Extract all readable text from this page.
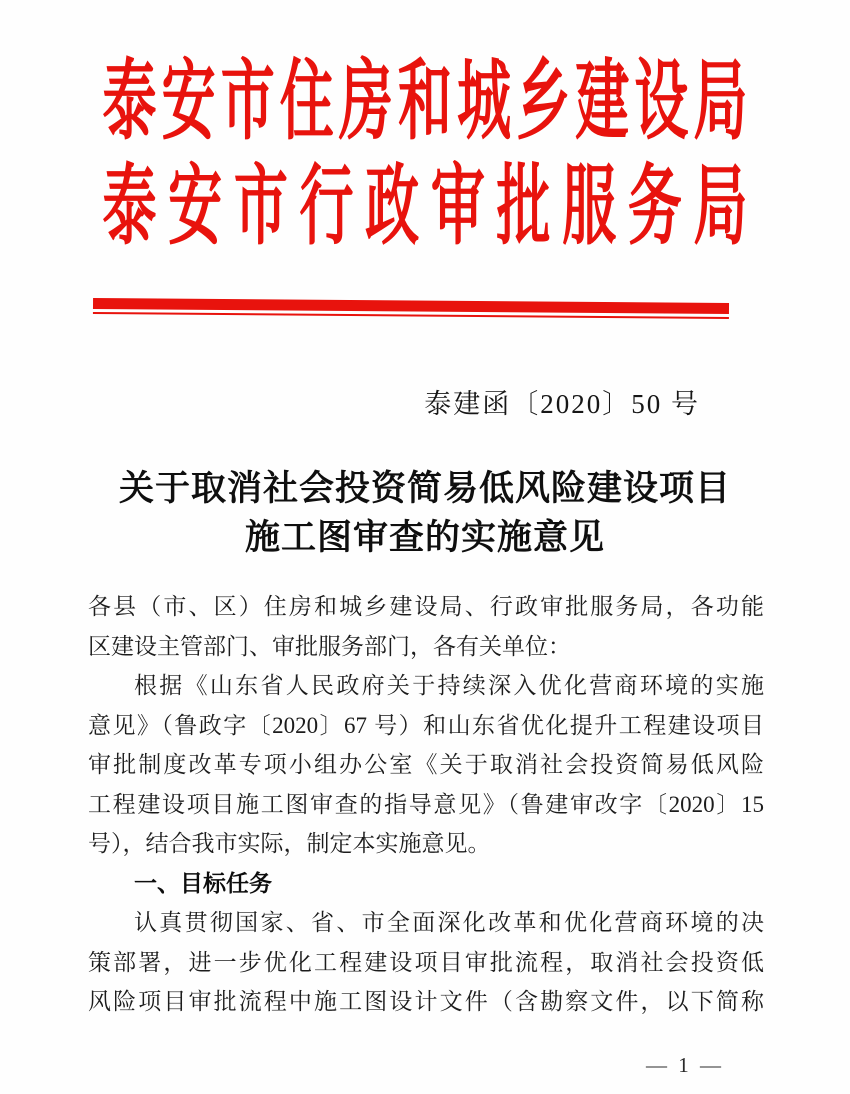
泰安市住房和城乡建设局
泰安市行政审批服务局
泰建函〔2020〕50 号
关于取消社会投资简易低风险建设项目
施工图审查的实施意见
各县（市、区）住房和城乡建设局、行政审批服务局，各功能
区建设主管部门、审批服务部门，各有关单位：
根据《山东省人民政府关于持续深入优化营商环境的实施
意见》（鲁政字〔2020〕67 号）和山东省优化提升工程建设项目
审批制度改革专项小组办公室《关于取消社会投资简易低风险
工程建设项目施工图审查的指导意见》（鲁建审改字〔2020〕15
号），结合我市实际，制定本实施意见。
一、目标任务
认真贯彻国家、省、市全面深化改革和优化营商环境的决
策部署，进一步优化工程建设项目审批流程，取消社会投资低
风险项目审批流程中施工图设计文件（含勘察文件，以下简称
— 1 —
